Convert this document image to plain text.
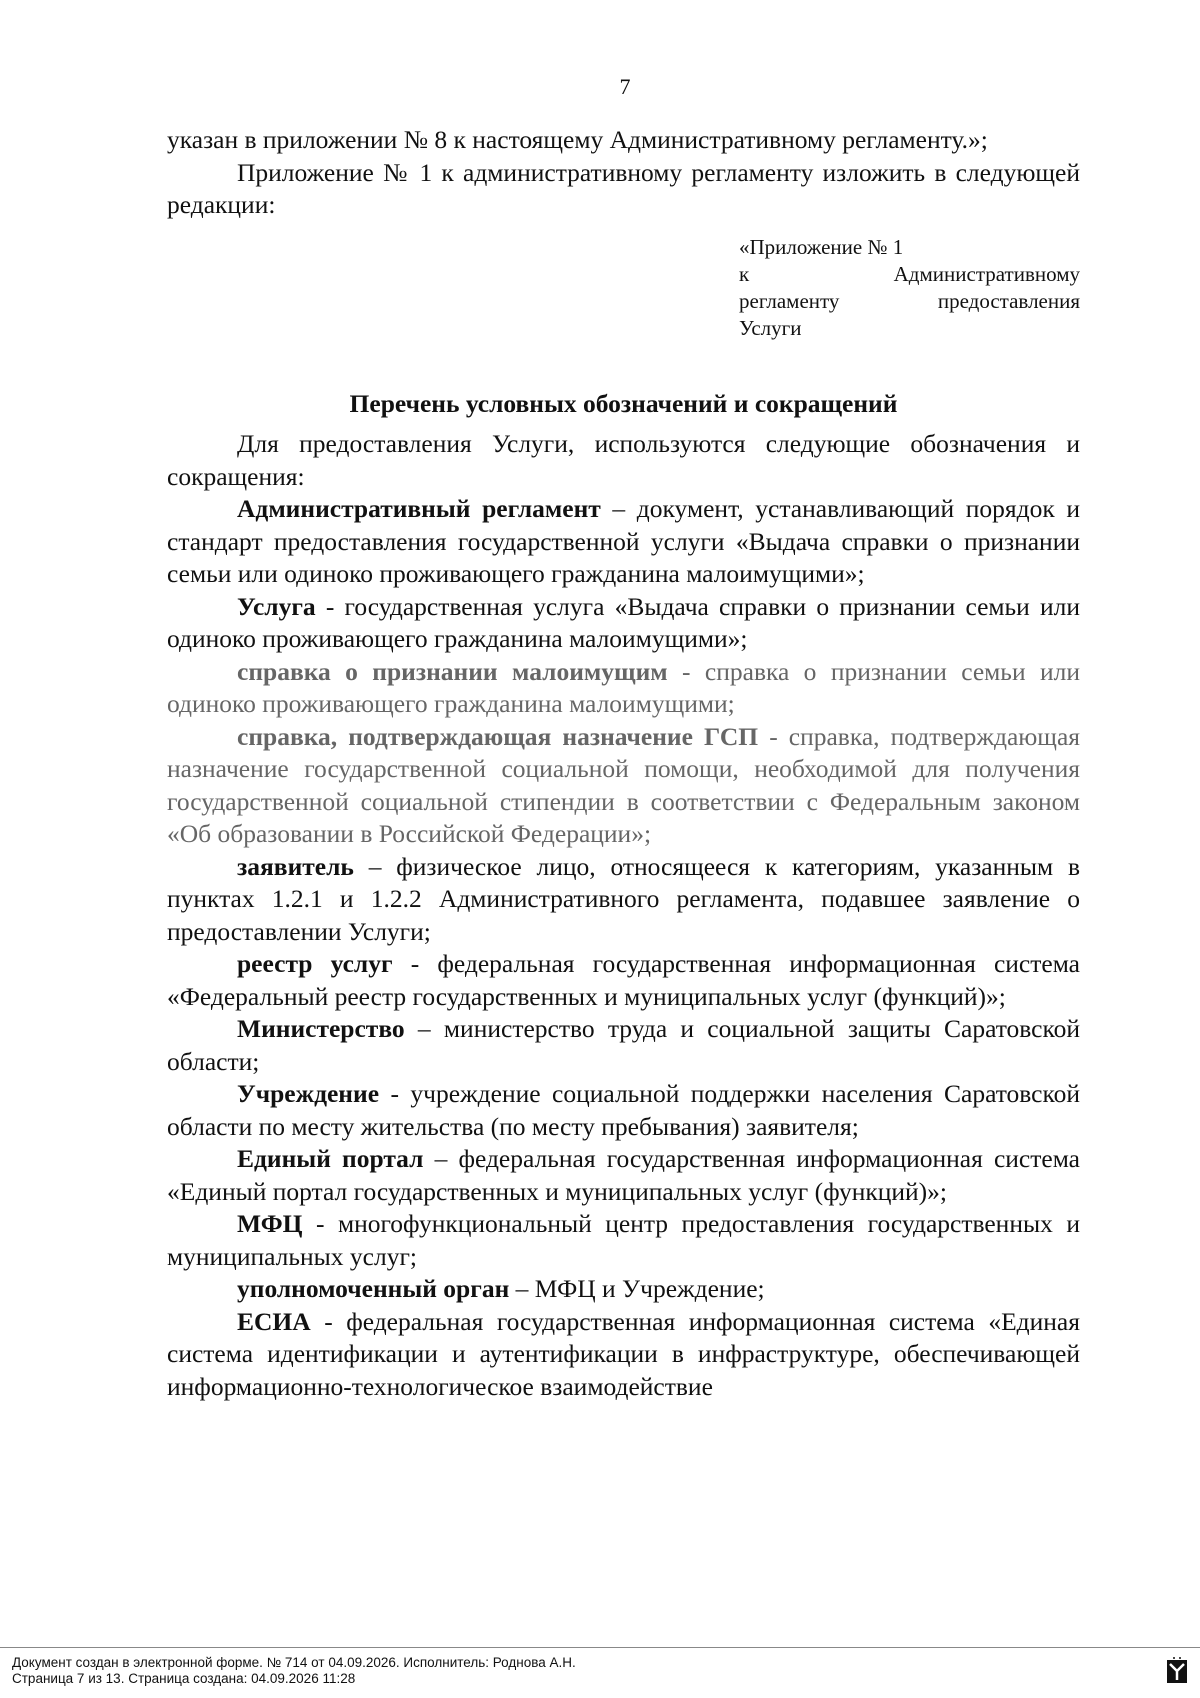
7

указан в приложении № 8 к настоящему Административному регламенту.»;

Приложение № 1 к административному регламенту изложить в следующей редакции:

«Приложение № 1
к	Административному
регламенту	предоставления
Услуги
Перечень условных обозначений и сокращений

Для предоставления Услуги, используются следующие обозначения и сокращения:

Административный регламент – документ, устанавливающий порядок и стандарт предоставления государственной услуги «Выдача справки о признании семьи или одиноко проживающего гражданина малоимущими»;

Услуга - государственная услуга «Выдача справки о признании семьи или одиноко проживающего гражданина малоимущими»;

справка о признании малоимущим - справка о признании семьи или одиноко проживающего гражданина малоимущими;

справка, подтверждающая назначение ГСП - справка, подтверждающая назначение государственной социальной помощи, необходимой для получения государственной социальной стипендии в соответствии с Федеральным законом «Об образовании в Российской Федерации»;

заявитель – физическое лицо, относящееся к категориям, указанным в пунктах 1.2.1 и 1.2.2 Административного регламента, подавшее заявление о предоставлении Услуги;

реестр услуг - федеральная государственная информационная система «Федеральный реестр государственных и муниципальных услуг (функций)»;

Министерство – министерство труда и социальной защиты Саратовской области;

Учреждение - учреждение социальной поддержки населения Саратовской области по месту жительства (по месту пребывания) заявителя;

Единый портал – федеральная государственная информационная система «Единый портал государственных и муниципальных услуг (функций)»;

МФЦ - многофункциональный центр предоставления государственных и муниципальных услуг;

уполномоченный орган – МФЦ и Учреждение;

ЕСИА - федеральная государственная информационная система «Единая система идентификации и аутентификации в инфраструктуре, обеспечивающей информационно-технологическое взаимодействие

Документ создан в электронной форме. № 714 от 04.09.2026. Исполнитель: Роднова А.Н.
Страница 7 из 13. Страница создана: 04.09.2026 11:28
